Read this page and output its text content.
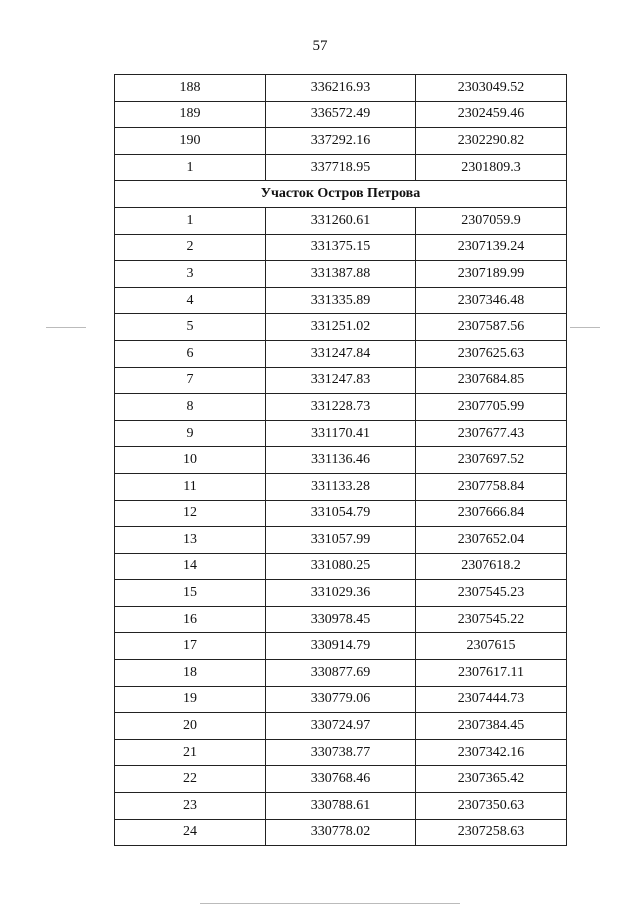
57
188	336216.93	2303049.52
189	336572.49	2302459.46
190	337292.16	2302290.82
1	337718.95	2301809.3
Участок Остров Петрова		
1	331260.61	2307059.9
2	331375.15	2307139.24
3	331387.88	2307189.99
4	331335.89	2307346.48
5	331251.02	2307587.56
6	331247.84	2307625.63
7	331247.83	2307684.85
8	331228.73	2307705.99
9	331170.41	2307677.43
10	331136.46	2307697.52
11	331133.28	2307758.84
12	331054.79	2307666.84
13	331057.99	2307652.04
14	331080.25	2307618.2
15	331029.36	2307545.23
16	330978.45	2307545.22
17	330914.79	2307615
18	330877.69	2307617.11
19	330779.06	2307444.73
20	330724.97	2307384.45
21	330738.77	2307342.16
22	330768.46	2307365.42
23	330788.61	2307350.63
24	330778.02	2307258.63
